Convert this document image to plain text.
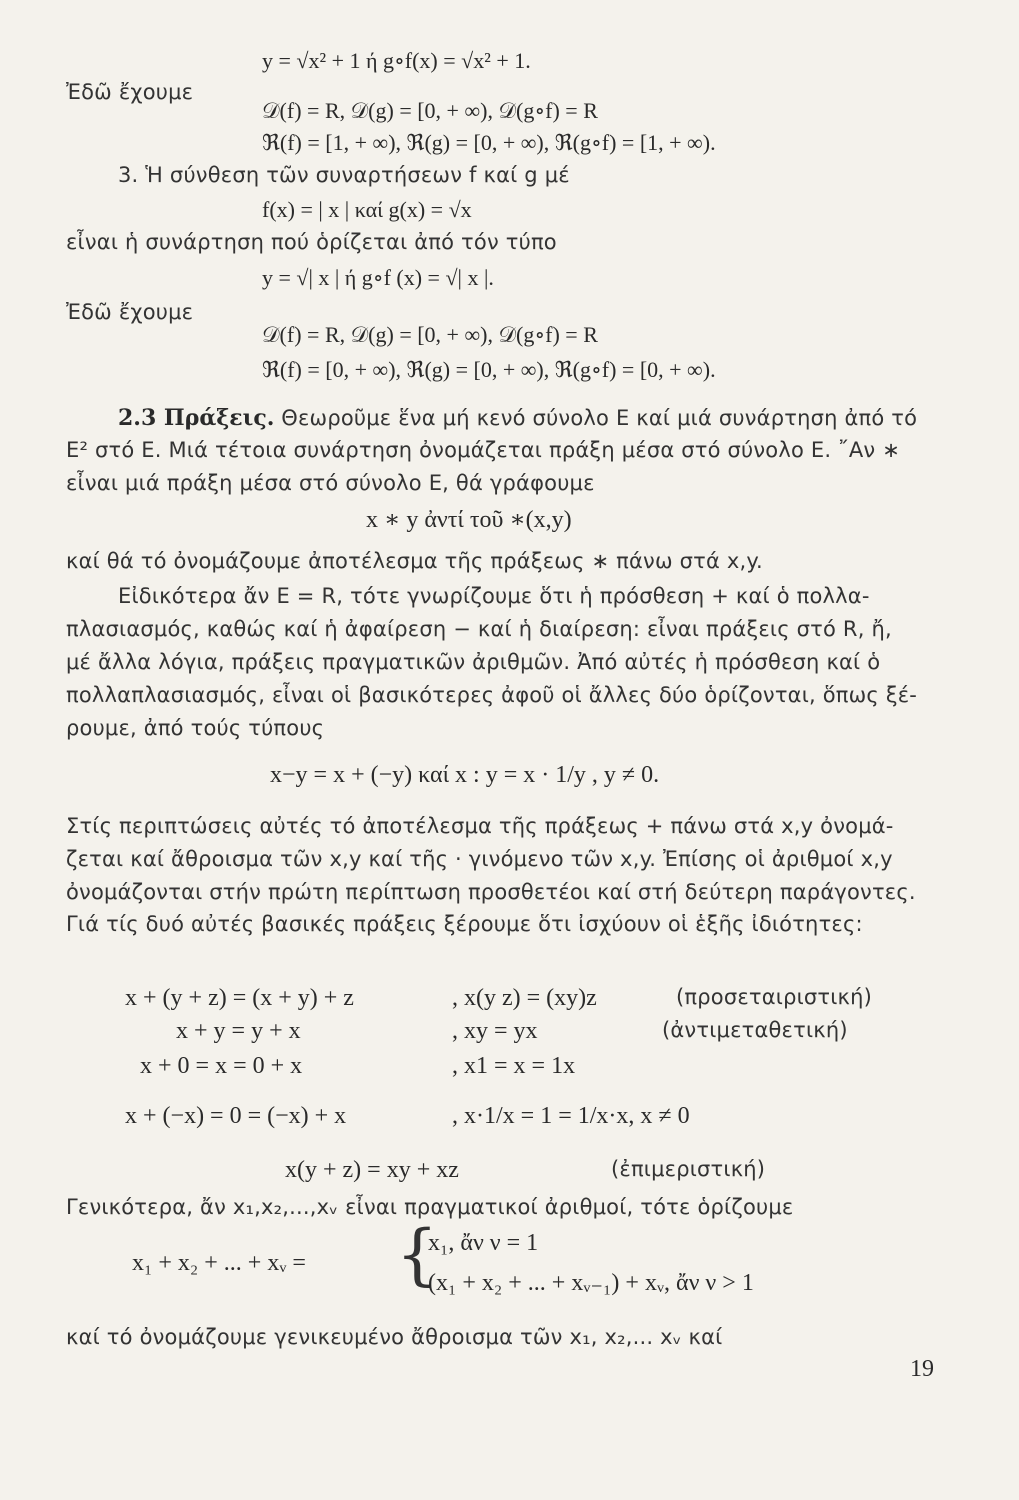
y = √x² + 1 ή g∘f(x) = √x² + 1.
Ἐδῶ ἔχουμε
𝒟(f) = R, 𝒟(g) = [0, + ∞), 𝒟(g∘f) = R
ℜ(f) = [1, + ∞), ℜ(g) = [0, + ∞), ℜ(g∘f) = [1, + ∞).
3. Ἡ σύνθεση τῶν συναρτήσεων f καί g μέ
f(x) = | x | καί g(x) = √x
εἶναι ἡ συνάρτηση πού ὁρίζεται ἀπό τόν τύπο
y = √| x | ή g∘f (x) = √| x |.
Ἐδῶ ἔχουμε
𝒟(f) = R, 𝒟(g) = [0, + ∞), 𝒟(g∘f) = R
ℜ(f) = [0, + ∞), ℜ(g) = [0, + ∞), ℜ(g∘f) = [0, + ∞).
2.3 Πράξεις. Θεωροῦμε ἕνα μή κενό σύνολο E καί μιά συνάρτηση ἀπό τό
E² στό E. Μιά τέτοια συνάρτηση ὀνομάζεται πράξη μέσα στό σύνολο E. ῎Αν ∗
εἶναι μιά πράξη μέσα στό σύνολο E, θά γράφουμε
x ∗ y ἀντί τοῦ ∗(x,y)
καί θά τό ὀνομάζουμε ἀποτέλεσμα τῆς πράξεως ∗ πάνω στά x,y.
Εἰδικότερα ἄν E = R, τότε γνωρίζουμε ὅτι ἡ πρόσθεση + καί ὁ πολλα-
πλασιασμός, καθώς καί ἡ ἀφαίρεση − καί ἡ διαίρεση: εἶναι πράξεις στό R, ἤ,
μέ ἄλλα λόγια, πράξεις πραγματικῶν ἀριθμῶν. Ἀπό αὐτές ἡ πρόσθεση καί ὁ
πολλαπλασιασμός, εἶναι οἱ βασικότερες ἀφοῦ οἱ ἄλλες δύο ὁρίζονται, ὅπως ξέ-
ρουμε, ἀπό τούς τύπους
x−y = x + (−y) καί x : y = x · 1/y , y ≠ 0.
Στίς περιπτώσεις αὐτές τό ἀποτέλεσμα τῆς πράξεως + πάνω στά x,y ὀνομά-
ζεται καί ἄθροισμα τῶν x,y καί τῆς · γινόμενο τῶν x,y. Ἐπίσης οἱ ἀριθμοί x,y
ὀνομάζονται στήν πρώτη περίπτωση προσθετέοι καί στή δεύτερη παράγοντες.
Γιά τίς δυό αὐτές βασικές πράξεις ξέρουμε ὅτι ἰσχύουν οἱ ἑξῆς ἰδιότητες:
x + (y + z) = (x + y) + z	, x(y z) = (xy)z	(προσεταιριστική)
x + y = y + x	, xy = yx	(ἀντιμεταθετική)
x + 0 = x = 0 + x	, x1 = x = 1x
x + (−x) = 0 = (−x) + x	, x·1/x = 1 = 1/x·x, x ≠ 0
x(y + z) = xy + xz	(ἐπιμεριστική)
Γενικότερα, ἄν x₁,x₂,...,xᵥ εἶναι πραγματικοί ἀριθμοί, τότε ὁρίζουμε
x₁ + x₂ + ... + xᵥ = {
x₁, ἄν ν = 1
(x₁ + x₂ + ... + xᵥ₋₁) + xᵥ, ἄν ν > 1
καί τό ὀνομάζουμε γενικευμένο ἄθροισμα τῶν x₁, x₂,... xᵥ καί
19
